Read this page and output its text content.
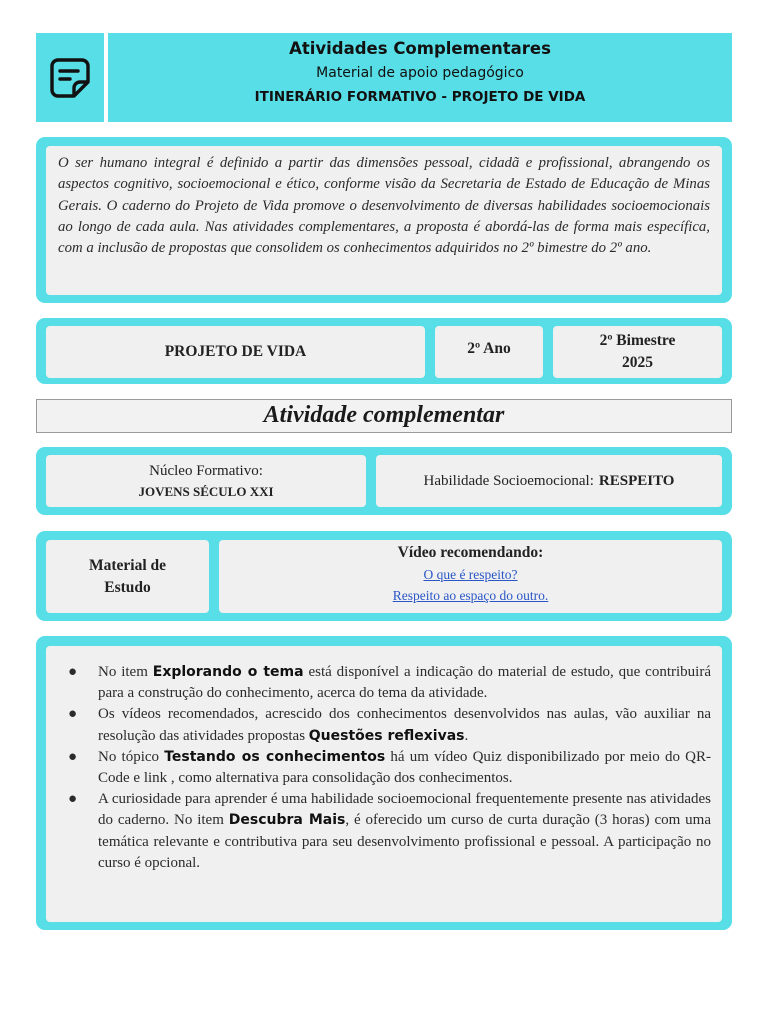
Atividades Complementares
Material de apoio pedagógico
ITINERÁRIO FORMATIVO - PROJETO DE VIDA

O ser humano integral é definido a partir das dimensões pessoal, cidadã e profissional, abrangendo os aspectos cognitivo, socioemocional e ético, conforme visão da Secretaria de Estado de Educação de Minas Gerais. O caderno do Projeto de Vida promove o desenvolvimento de diversas habilidades socioemocionais ao longo de cada aula. Nas atividades complementares, a proposta é abordá-las de forma mais específica, com a inclusão de propostas que consolidem os conhecimentos adquiridos no 2º bimestre do 2º ano.

PROJETO DE VIDA	2º Ano	2º Bimestre
2025
Atividade complementar
Núcleo Formativo:
JOVENS SÉCULO XXI
Habilidade Socioemocional: RESPEITO
Material de
Estudo
Vídeo recomendando:
O que é respeito?
Respeito ao espaço do outro.
● No item Explorando o tema está disponível a indicação do material de estudo, que contribuirá para a construção do conhecimento, acerca do tema da atividade.
● Os vídeos recomendados, acrescido dos conhecimentos desenvolvidos nas aulas, vão auxiliar na resolução das atividades propostas Questões reflexivas.
● No tópico Testando os conhecimentos há um vídeo Quiz disponibilizado por meio do QR-Code e link , como alternativa para consolidação dos conhecimentos.
● A curiosidade para aprender é uma habilidade socioemocional frequentemente presente nas atividades do caderno. No item Descubra Mais, é oferecido um curso de curta duração (3 horas) com uma temática relevante e contributiva para seu desenvolvimento profissional e pessoal. A participação no curso é opcional.
